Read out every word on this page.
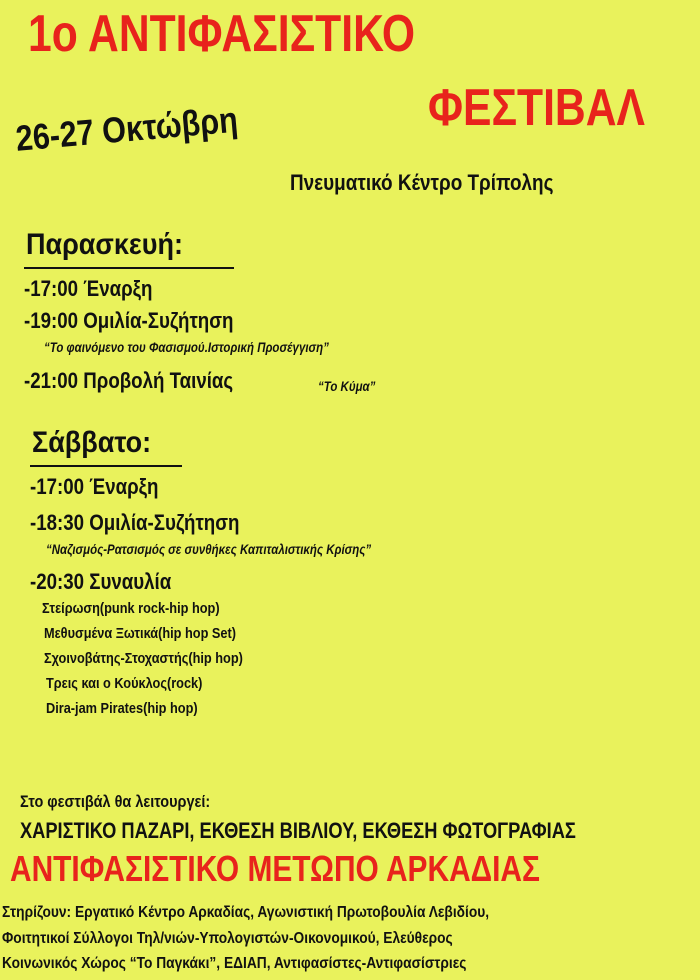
1ο ΑΝΤΙΦΑΣΙΣΤΙΚΟ
ΦΕΣΤΙΒΑΛ
26-27 Οκτώβρη
Πνευματικό Κέντρο Τρίπολης
Παρασκευή:
-17:00 Έναρξη
-19:00 Ομιλία-Συζήτηση
“Το φαινόμενο του Φασισμού.Ιστορική Προσέγγιση”
-21:00 Προβολή Ταινίας	“Το Κύμα”
Σάββατο:
-17:00 Έναρξη
-18:30 Ομιλία-Συζήτηση
“Ναζισμός-Ρατσισμός σε συνθήκες Καπιταλιστικής Κρίσης”
-20:30 Συναυλία
Στείρωση(punk rock-hip hop)
Μεθυσμένα Ξωτικά(hip hop Set)
Σχοινοβάτης-Στοχαστής(hip hop)
Τρεις και ο Κούκλος(rock)
Dira-jam Pirates(hip hop)
Στο φεστιβάλ θα λειτουργεί:
ΧΑΡΙΣΤΙΚΟ ΠΑΖΑΡΙ, ΕΚΘΕΣΗ ΒΙΒΛΙΟΥ, ΕΚΘΕΣΗ ΦΩΤΟΓΡΑΦΙΑΣ
ΑΝΤΙΦΑΣΙΣΤΙΚΟ ΜΕΤΩΠΟ ΑΡΚΑΔΙΑΣ
Στηρίζουν: Εργατικό Κέντρο Αρκαδίας, Αγωνιστική Πρωτοβουλία Λεβιδίου,
Φοιτητικοί Σύλλογοι Τηλ/νιών-Υπολογιστών-Οικονομικού, Ελεύθερος
Κοινωνικός Χώρος “Το Παγκάκι”, ΕΔΙΑΠ, Αντιφασίστες-Αντιφασίστριες
